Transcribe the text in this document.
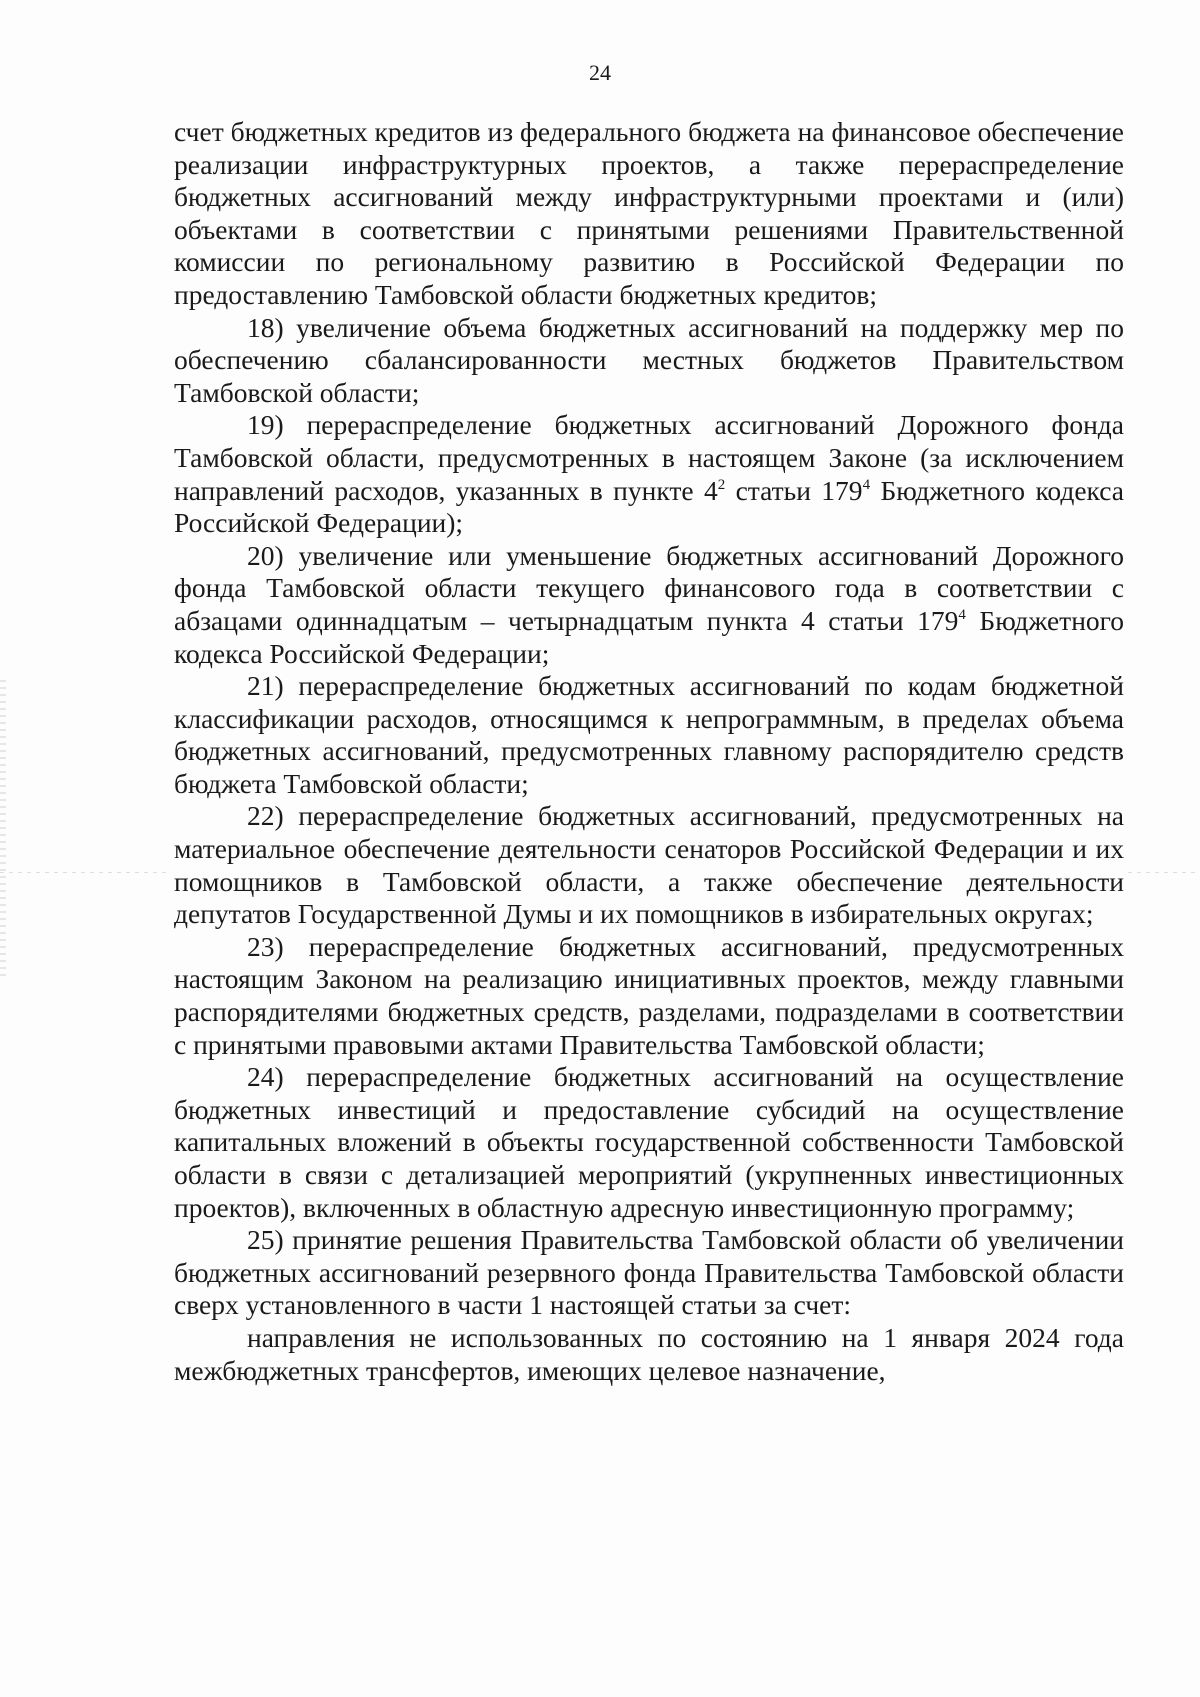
24

счет бюджетных кредитов из федерального бюджета на финансовое обеспечение реализации инфраструктурных проектов, а также перераспределение бюджетных ассигнований между инфраструктурными проектами и (или) объектами в соответствии с принятыми решениями Правительственной комиссии по региональному развитию в Российской Федерации по предоставлению Тамбовской области бюджетных кредитов;

18) увеличение объема бюджетных ассигнований на поддержку мер по обеспечению сбалансированности местных бюджетов Правительством Тамбовской области;

19) перераспределение бюджетных ассигнований Дорожного фонда Тамбовской области, предусмотренных в настоящем Законе (за исключением направлений расходов, указанных в пункте $4^2$ статьи $179^4$ Бюджетного кодекса Российской Федерации);

20) увеличение или уменьшение бюджетных ассигнований Дорожного фонда Тамбовской области текущего финансового года в соответствии с абзацами одиннадцатым – четырнадцатым пункта 4 статьи $179^4$ Бюджетного кодекса Российской Федерации;

21) перераспределение бюджетных ассигнований по кодам бюджетной классификации расходов, относящимся к непрограммным, в пределах объема бюджетных ассигнований, предусмотренных главному распорядителю средств бюджета Тамбовской области;

22) перераспределение бюджетных ассигнований, предусмотренных на материальное обеспечение деятельности сенаторов Российской Федерации и их помощников в Тамбовской области, а также обеспечение деятельности депутатов Государственной Думы и их помощников в избирательных округах;

23) перераспределение бюджетных ассигнований, предусмотренных настоящим Законом на реализацию инициативных проектов, между главными распорядителями бюджетных средств, разделами, подразделами в соответствии с принятыми правовыми актами Правительства Тамбовской области;

24) перераспределение бюджетных ассигнований на осуществление бюджетных инвестиций и предоставление субсидий на осуществление капитальных вложений в объекты государственной собственности Тамбовской области в связи с детализацией мероприятий (укрупненных инвестиционных проектов), включенных в областную адресную инвестиционную программу;

25) принятие решения Правительства Тамбовской области об увеличении бюджетных ассигнований резервного фонда Правительства Тамбовской области сверх установленного в части 1 настоящей статьи за счет:

направления не использованных по состоянию на 1 января 2024 года межбюджетных трансфертов, имеющих целевое назначение,
